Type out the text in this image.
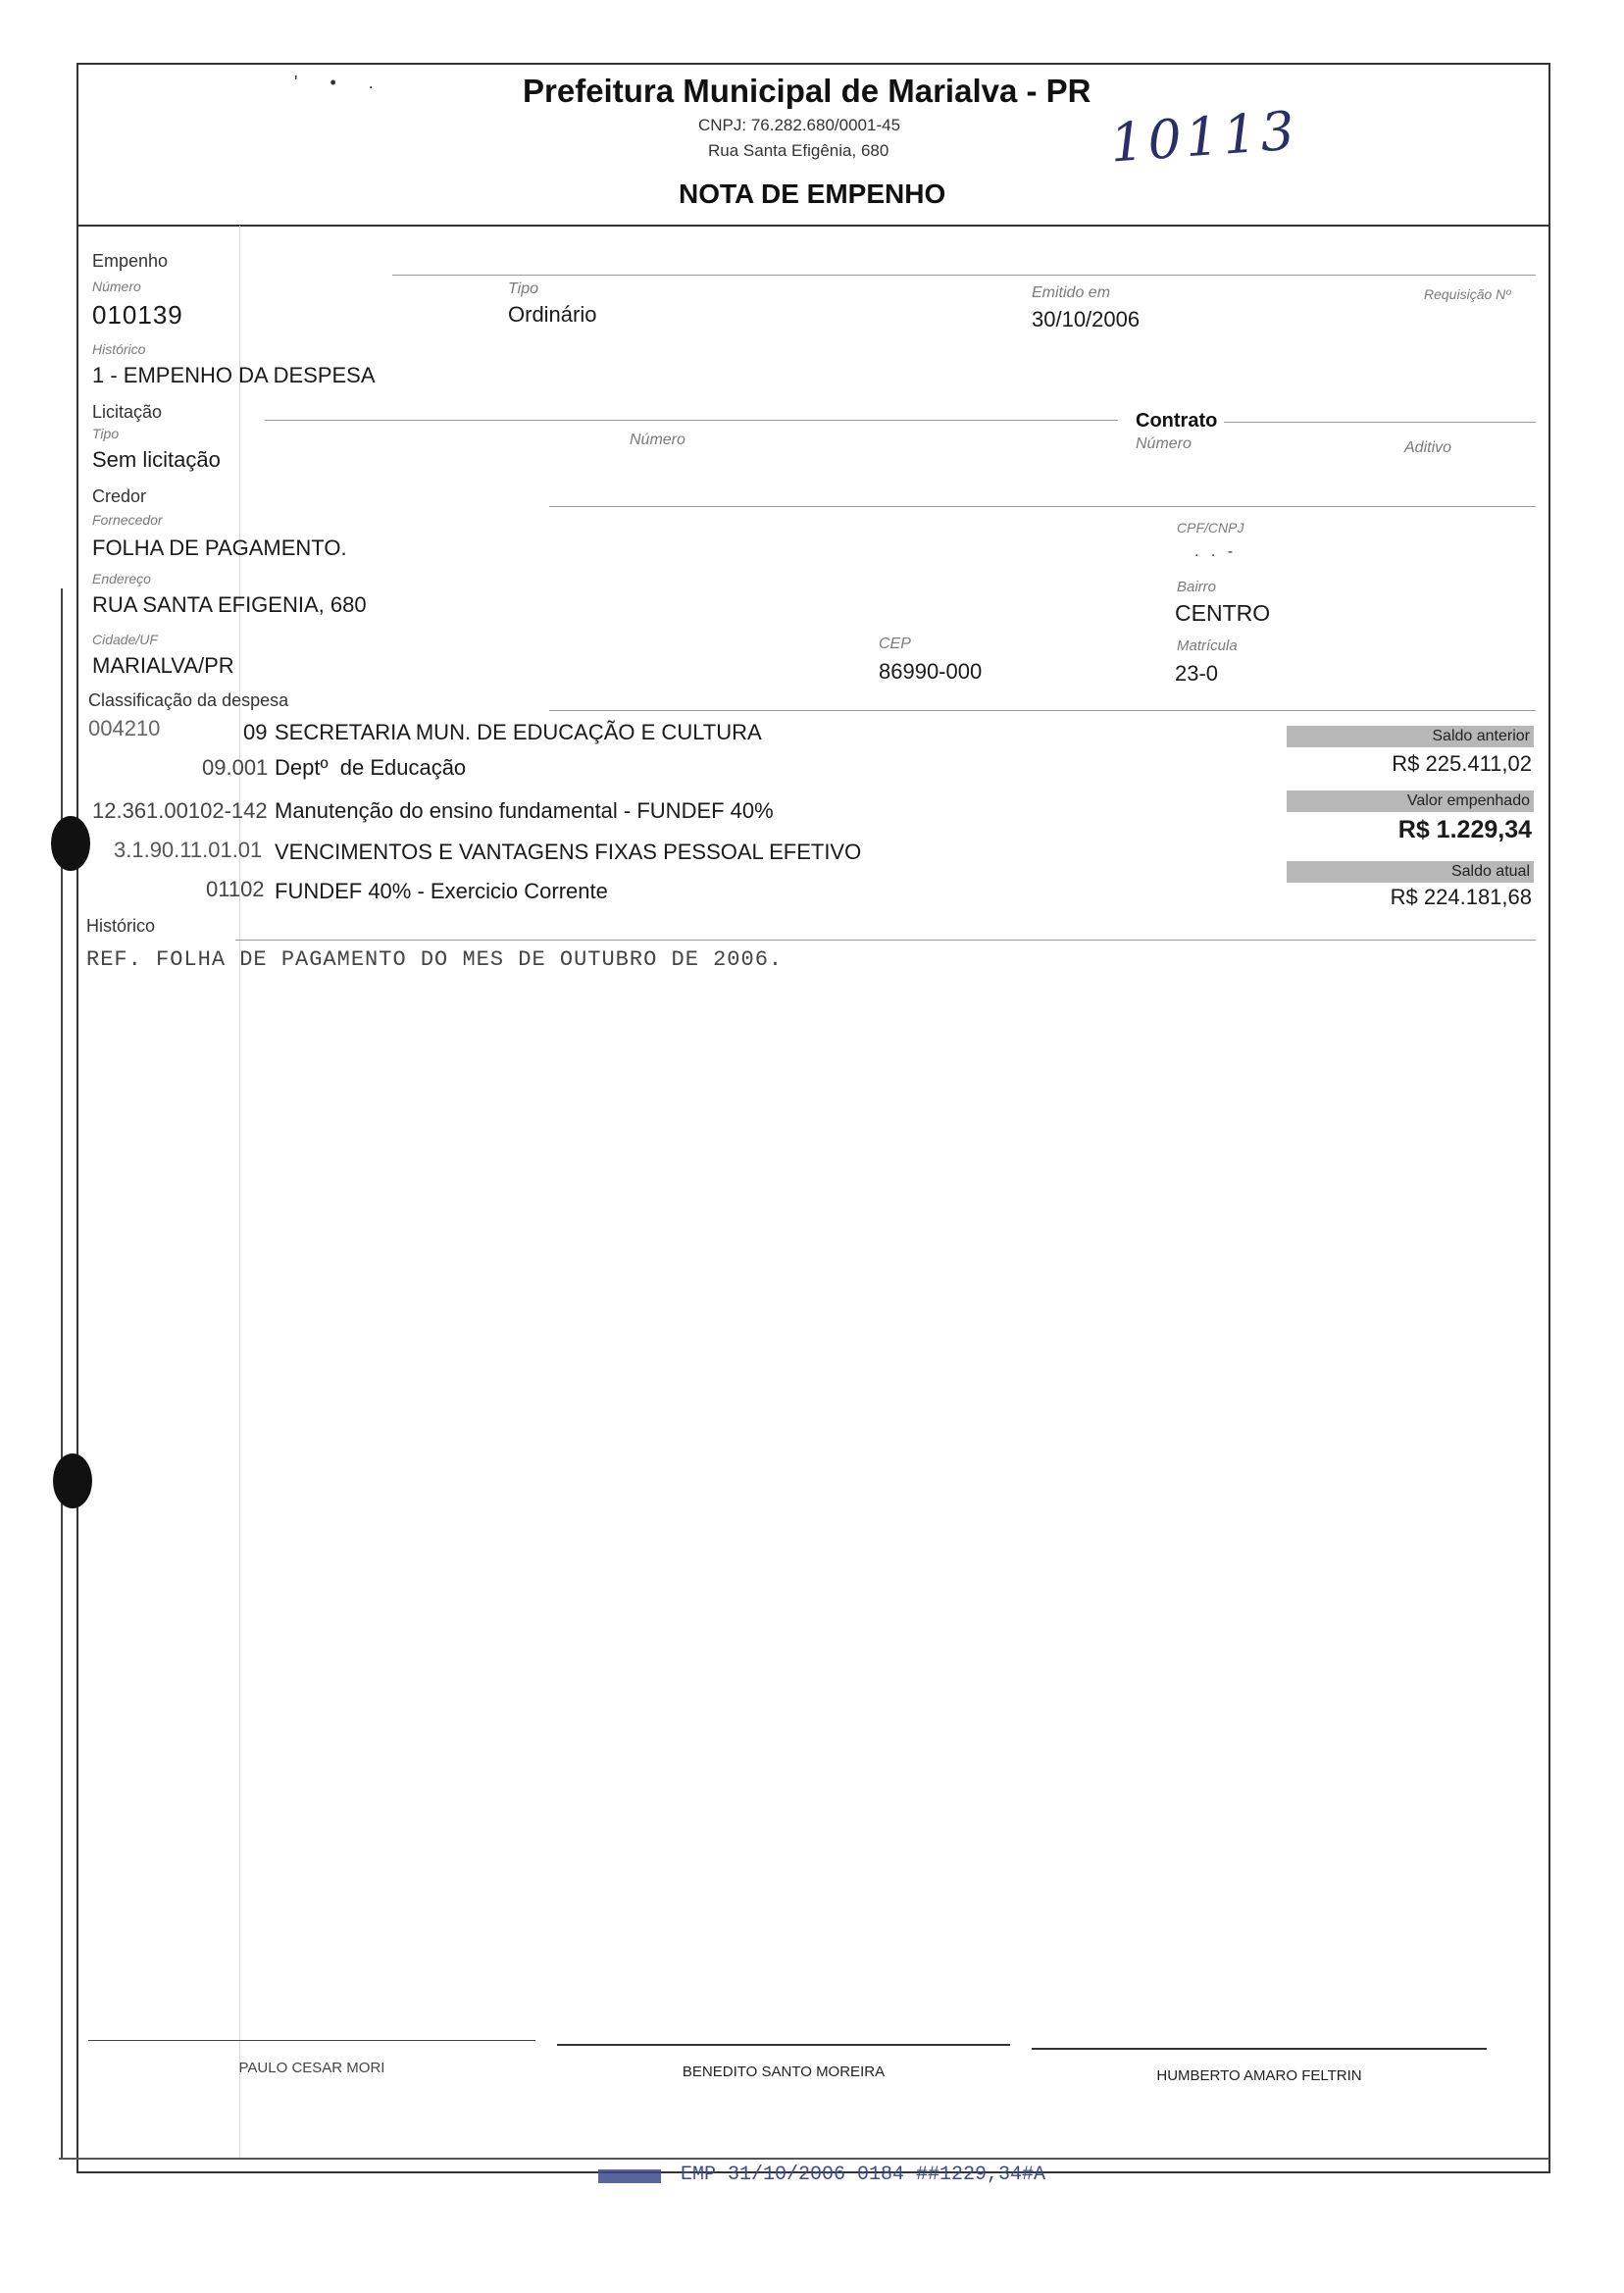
' • .	Prefeitura Municipal de Marialva - PR
CNPJ: 76.282.680/0001-45
Rua Santa Efigênia, 680
NOTA DE EMPENHO
10113
Empenho
Número
010139
Tipo
Ordinário
Emitido em
30/10/2006
Requisição Nº
Histórico
1 - EMPENHO DA DESPESA
Licitação
Tipo
Sem licitação
Número
Contrato
Número	Aditivo
Credor
Fornecedor
FOLHA DE PAGAMENTO.
CPF/CNPJ
. . -
Endereço
RUA SANTA EFIGENIA, 680
Bairro
CENTRO
Cidade/UF
MARIALVA/PR
CEP
86990-000
Matrícula
23-0
Classificação da despesa
004210	09 SECRETARIA MUN. DE EDUCAÇÃO E CULTURA
09.001 Deptº  de Educação
12.361.00102-142 Manutenção do ensino fundamental - FUNDEF 40%
3.1.90.11.01.01 VENCIMENTOS E VANTAGENS FIXAS PESSOAL EFETIVO
01102 FUNDEF 40% - Exercicio Corrente
Saldo anterior
R$ 225.411,02
Valor empenhado
R$ 1.229,34
Saldo atual
R$ 224.181,68
Histórico
REF. FOLHA DE PAGAMENTO DO MES DE OUTUBRO DE 2006.
PAULO CESAR MORI	BENEDITO SANTO MOREIRA	HUMBERTO AMARO FELTRIN
EMP 31/10/2006 0184 ##1229,34#A
